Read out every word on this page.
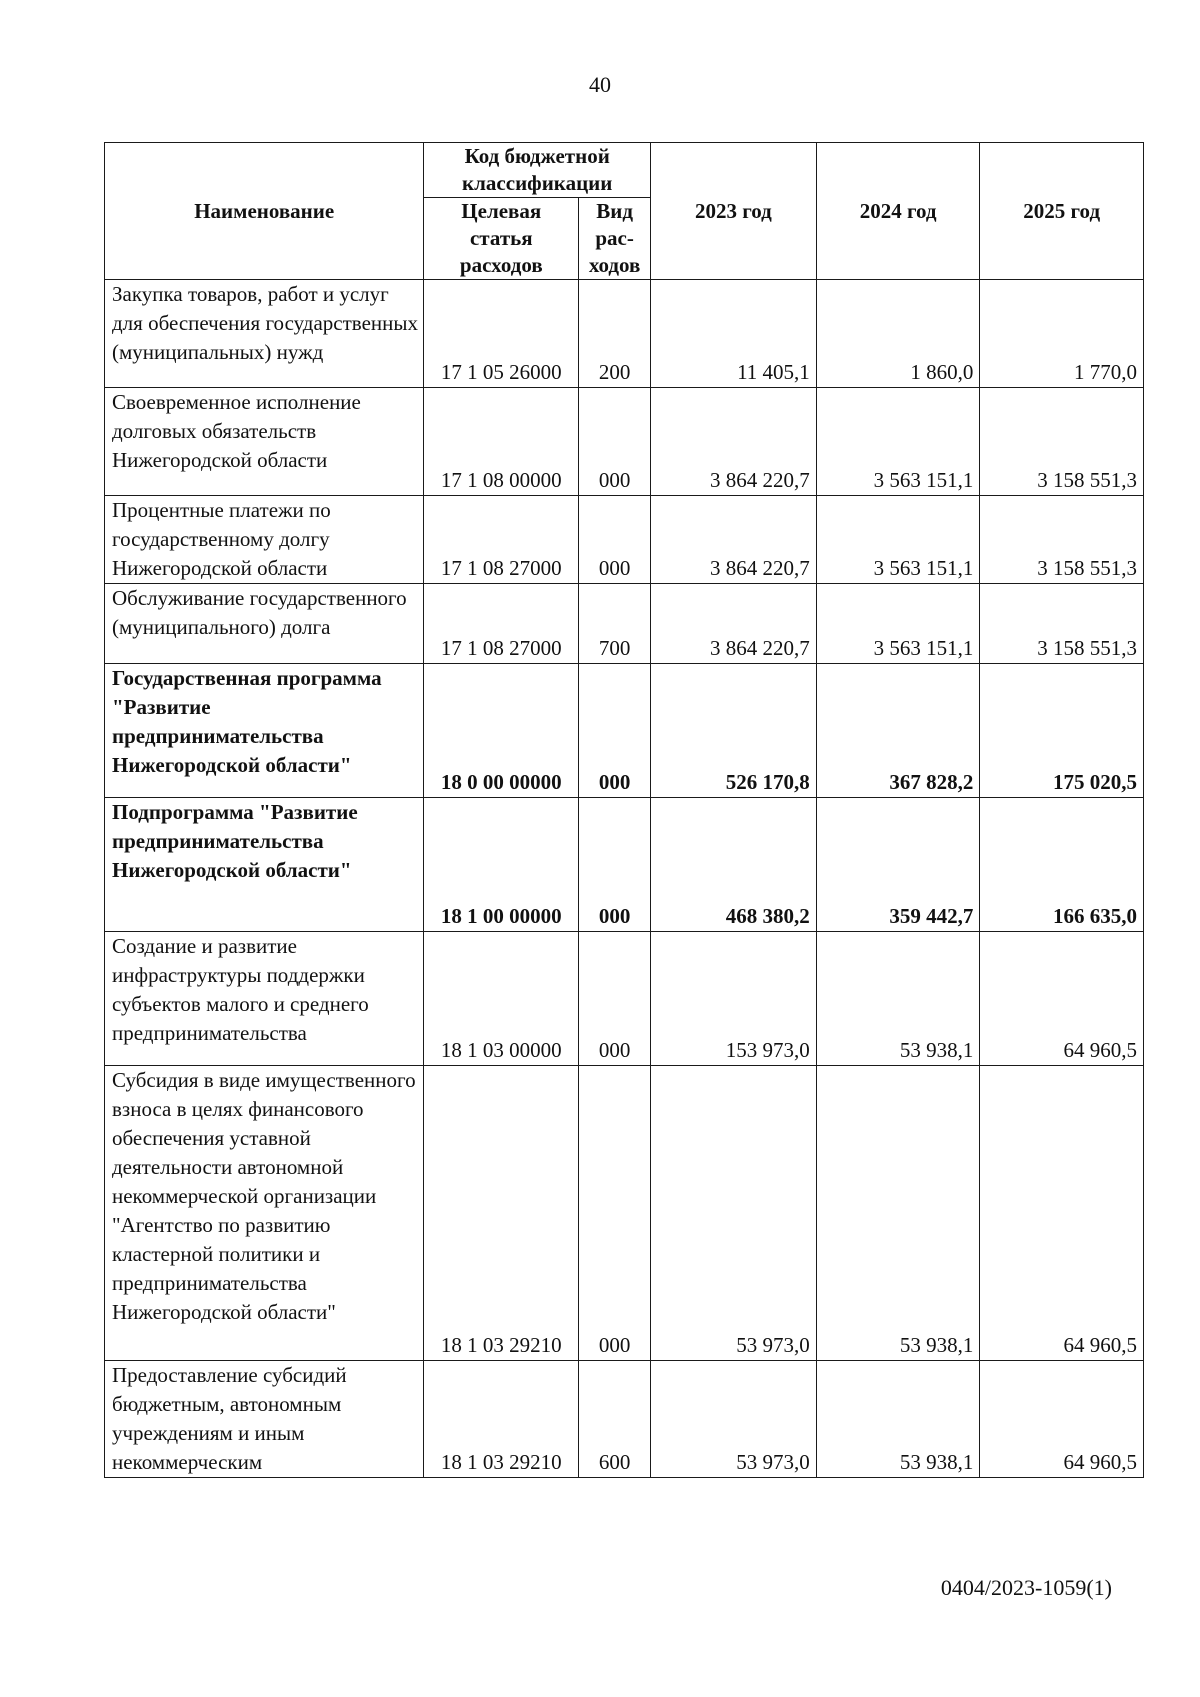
40
Наименование	Код бюджетной классификации		2023 год	2024 год	2025 год
	Целевая статья расходов	Вид рас-ходов			
Закупка товаров, работ и услуг для обеспечения государственных (муниципальных) нужд	17 1 05 26000	200	11 405,1	1 860,0	1 770,0
Своевременное исполнение долговых обязательств Нижегородской области	17 1 08 00000	000	3 864 220,7	3 563 151,1	3 158 551,3
Процентные платежи по государственному долгу Нижегородской области	17 1 08 27000	000	3 864 220,7	3 563 151,1	3 158 551,3
Обслуживание государственного (муниципального) долга	17 1 08 27000	700	3 864 220,7	3 563 151,1	3 158 551,3
Государственная программа "Развитие предпринимательства Нижегородской области"	18 0 00 00000	000	526 170,8	367 828,2	175 020,5
Подпрограмма "Развитие предпринимательства Нижегородской области"	18 1 00 00000	000	468 380,2	359 442,7	166 635,0
Создание и развитие инфраструктуры поддержки субъектов малого и среднего предпринимательства	18 1 03 00000	000	153 973,0	53 938,1	64 960,5
Субсидия в виде имущественного взноса в целях финансового обеспечения уставной деятельности автономной некоммерческой организации "Агентство по развитию кластерной политики и предпринимательства Нижегородской области"	18 1 03 29210	000	53 973,0	53 938,1	64 960,5
Предоставление субсидий бюджетным, автономным учреждениям и иным некоммерческим	18 1 03 29210	600	53 973,0	53 938,1	64 960,5
0404/2023-1059(1)
